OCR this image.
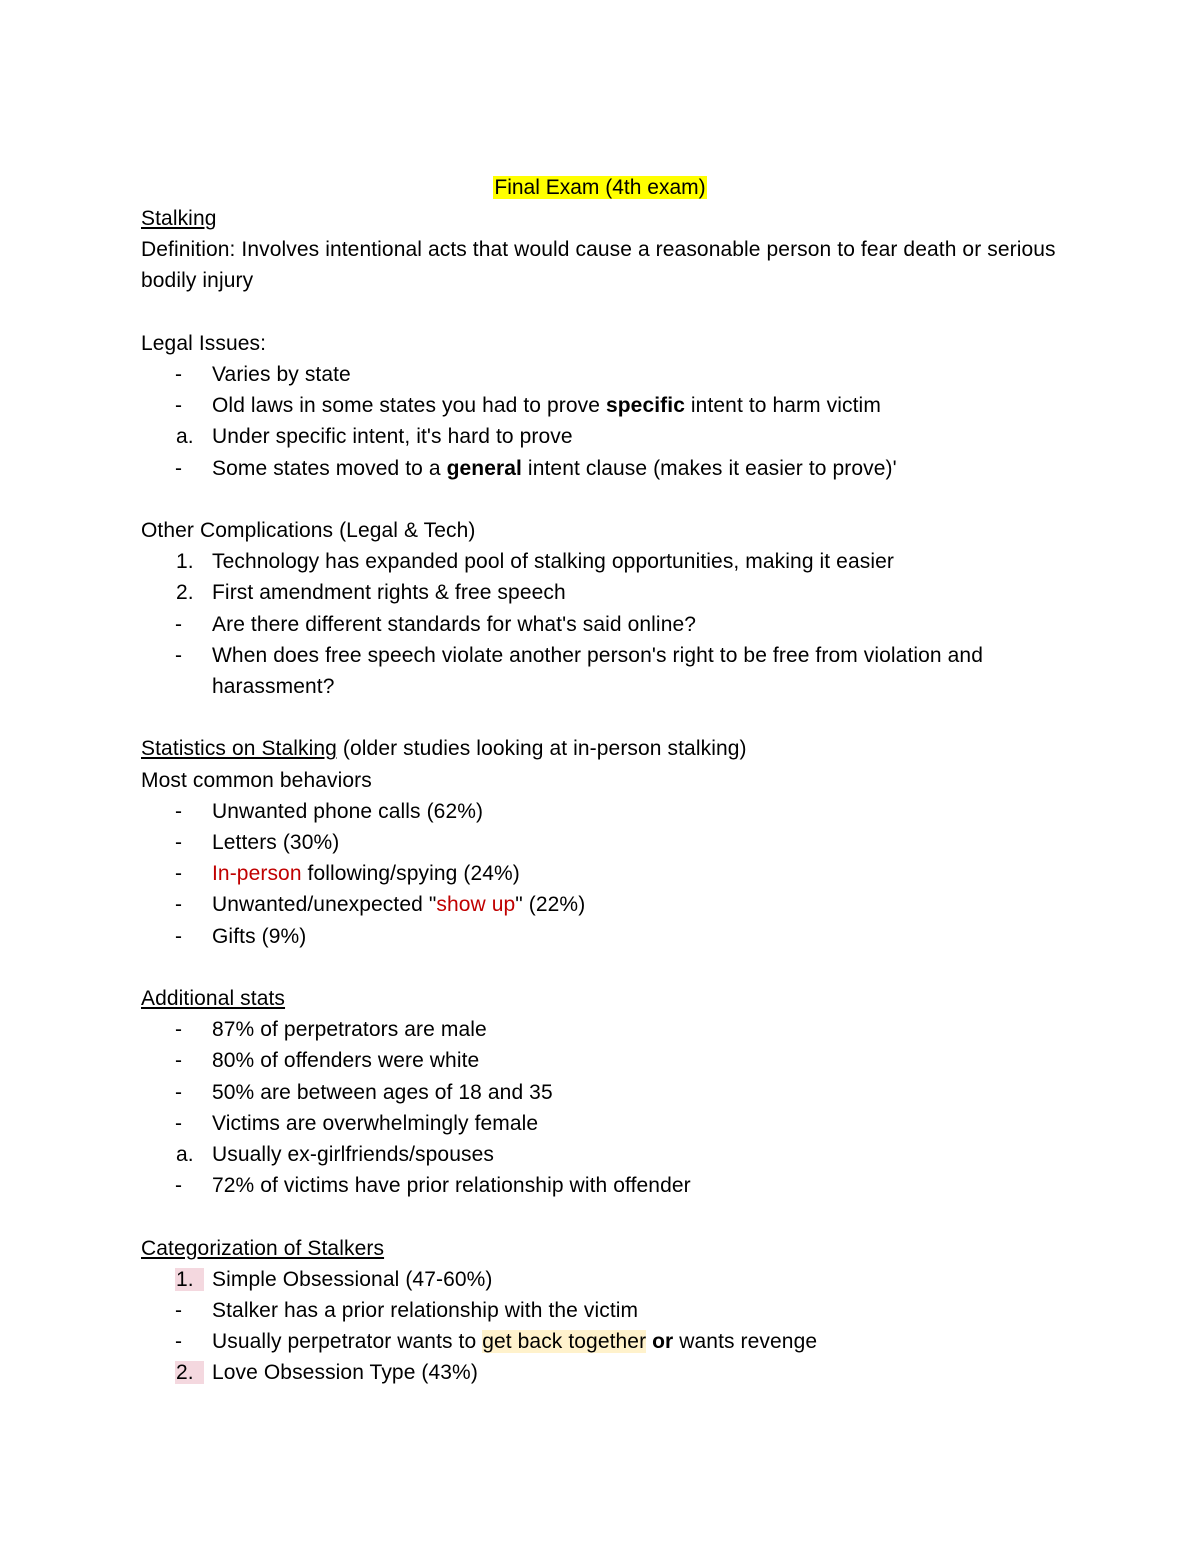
Final Exam (4th exam)
Stalking
Definition: Involves intentional acts that would cause a reasonable person to fear death or serious bodily injury
Legal Issues:
-	Varies by state
-	Old laws in some states you had to prove specific intent to harm victim
a. Under specific intent, it's hard to prove
-	Some states moved to a general intent clause (makes it easier to prove)'
Other Complications (Legal & Tech)
1. Technology has expanded pool of stalking opportunities, making it easier
2. First amendment rights & free speech
-	Are there different standards for what's said online?
-	When does free speech violate another person's right to be free from violation and harassment?
Statistics on Stalking (older studies looking at in-person stalking)
Most common behaviors
-	Unwanted phone calls (62%)
-	Letters (30%)
-	In-person following/spying (24%)
-	Unwanted/unexpected "show up" (22%)
-	Gifts (9%)
Additional stats
-	87% of perpetrators are male
-	80% of offenders were white
-	50% are between ages of 18 and 35
-	Victims are overwhelmingly female
a. Usually ex-girlfriends/spouses
-	72% of victims have prior relationship with offender
Categorization of Stalkers
1. Simple Obsessional (47-60%)
-	Stalker has a prior relationship with the victim
-	Usually perpetrator wants to get back together or wants revenge
2. Love Obsession Type (43%)
